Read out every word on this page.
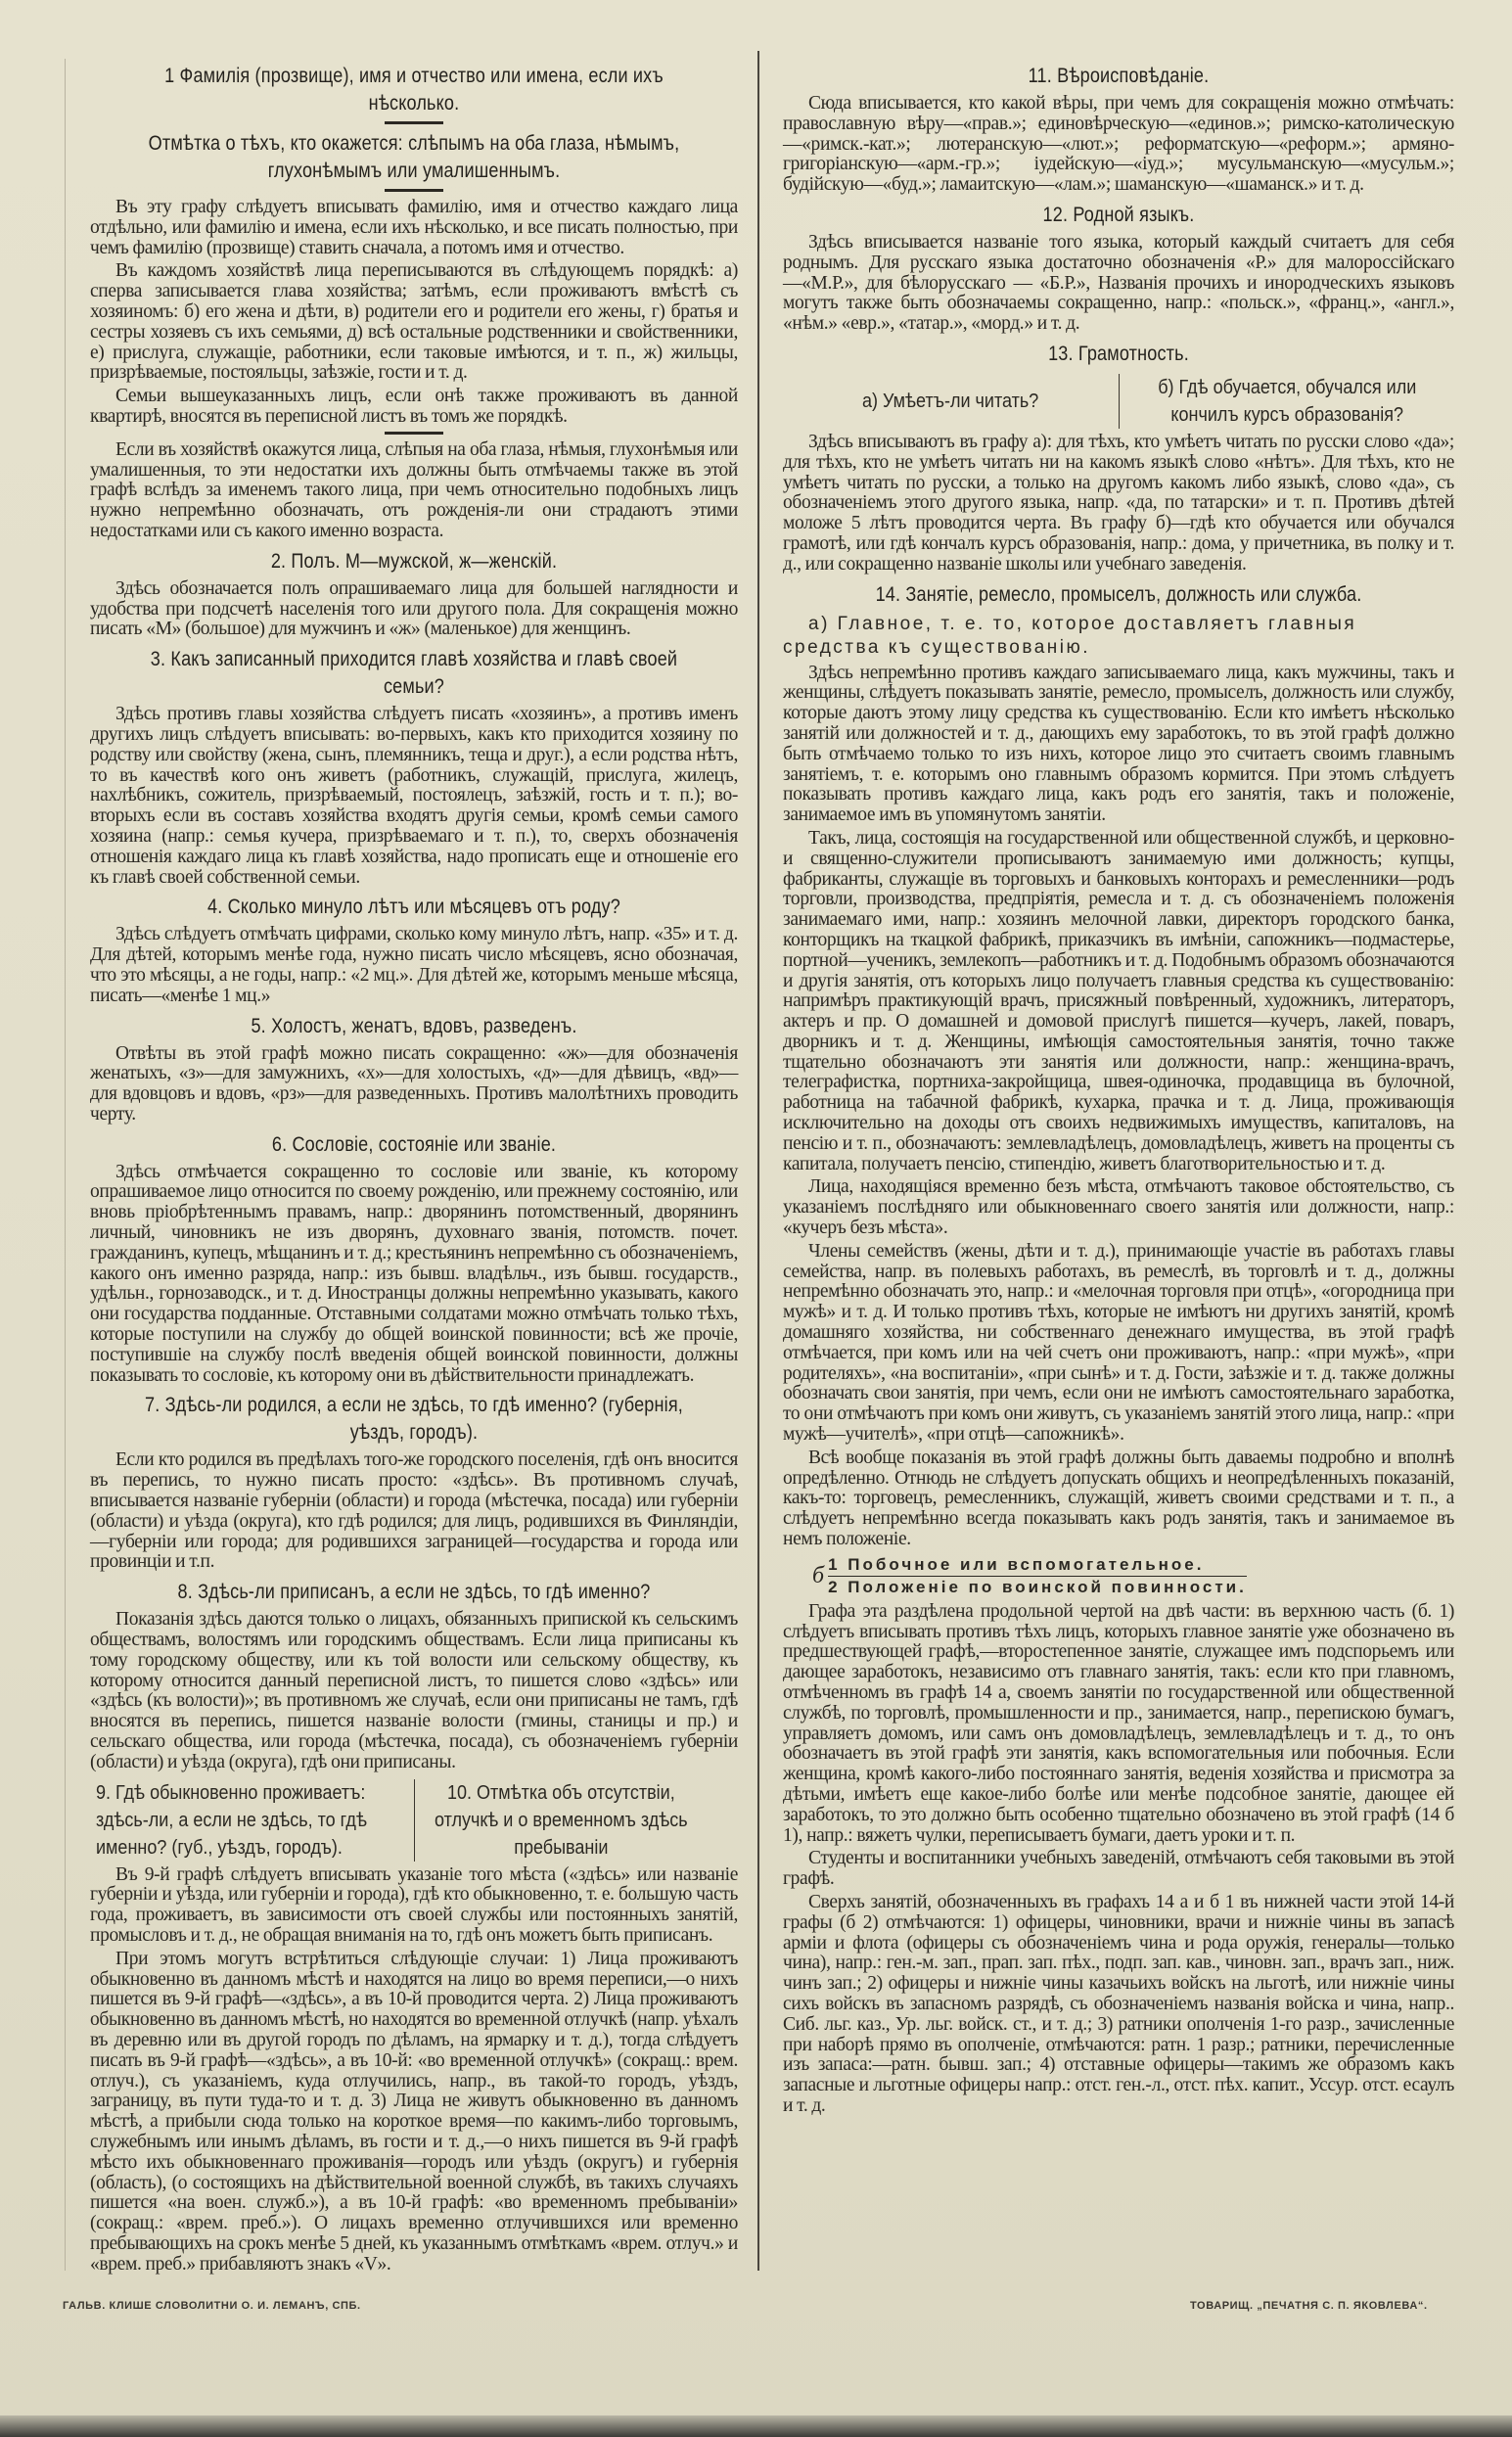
1 Фамилія (прозвище), имя и отчество или имена, если ихъ нѣсколько.
Отмѣтка о тѣхъ, кто окажется: слѣпымъ на оба глаза, нѣмымъ, глухонѣмымъ или умалишеннымъ.

Въ эту графу слѣдуетъ вписывать фамилію, имя и отчество каждаго лица отдѣльно, или фамилію и имена, если ихъ нѣсколько, и все писать полностью, при чемъ фамилію (прозвище) ставить сначала, а потомъ имя и отчество.

Въ каждомъ хозяйствѣ лица переписываются въ слѣдующемъ порядкѣ: а) сперва записывается глава хозяйства; затѣмъ, если проживаютъ вмѣстѣ съ хозяиномъ: б) его жена и дѣти, в) родители его и родители его жены, г) братья и сестры хозяевъ съ ихъ семьями, д) всѣ остальные родственники и свойственники, е) прислуга, служащіе, работники, если таковые имѣются, и т. п., ж) жильцы, призрѣваемые, постояльцы, заѣзжіе, гости и т. д.

Семьи вышеуказанныхъ лицъ, если онѣ также проживаютъ въ данной квартирѣ, вносятся въ переписной листъ въ томъ же порядкѣ.

Если въ хозяйствѣ окажутся лица, слѣпыя на оба глаза, нѣмыя, глухонѣмыя или умалишенныя, то эти недостатки ихъ должны быть отмѣчаемы также въ этой графѣ вслѣдъ за именемъ такого лица, при чемъ относительно подобныхъ лицъ нужно непремѣнно обозначать, отъ рожденія-ли они страдаютъ этими недостатками или съ какого именно возраста.

2. Полъ. М—мужской, ж—женскій.

Здѣсь обозначается полъ опрашиваемаго лица для большей наглядности и удобства при подсчетѣ населенія того или другого пола. Для сокращенія можно писать «М» (большое) для мужчинъ и «ж» (маленькое) для женщинъ.

3. Какъ записанный приходится главѣ хозяйства и главѣ своей семьи?

Здѣсь противъ главы хозяйства слѣдуетъ писать «хозяинъ», а противъ именъ другихъ лицъ слѣдуетъ вписывать: во-первыхъ, какъ кто приходится хозяину по родству или свойству (жена, сынъ, племянникъ, теща и друг.), а если родства нѣтъ, то въ качествѣ кого онъ живетъ (работникъ, служащій, прислуга, жилецъ, нахлѣбникъ, сожитель, призрѣваемый, постоялецъ, заѣзжій, гость и т. п.); во-вторыхъ если въ составъ хозяйства входятъ другія семьи, кромѣ семьи самого хозяина (напр.: семья кучера, призрѣваемаго и т. п.), то, сверхъ обозначенія отношенія каждаго лица къ главѣ хозяйства, надо прописать еще и отношеніе его къ главѣ своей собственной семьи.

4. Сколько минуло лѣтъ или мѣсяцевъ отъ роду?

Здѣсь слѣдуетъ отмѣчать цифрами, сколько кому минуло лѣтъ, напр. «35» и т. д. Для дѣтей, которымъ менѣе года, нужно писать число мѣсяцевъ, ясно обозначая, что это мѣсяцы, а не годы, напр.: «2 мц.». Для дѣтей же, которымъ меньше мѣсяца, писать—«менѣе 1 мц.»

5. Холостъ, женатъ, вдовъ, разведенъ.

Отвѣты въ этой графѣ можно писать сокращенно: «ж»—для обозначенія женатыхъ, «з»—для замужнихъ, «х»—для холостыхъ, «д»—для дѣвицъ, «вд»—для вдовцовъ и вдовъ, «рз»—для разведенныхъ. Противъ малолѣтнихъ проводить черту.

6. Сословіе, состояніе или званіе.

Здѣсь отмѣчается сокращенно то сословіе или званіе, къ которому опрашиваемое лицо относится по своему рожденію, или прежнему состоянію, или вновь пріобрѣтеннымъ правамъ, напр.: дворянинъ потомственный, дворянинъ личный, чиновникъ не изъ дворянъ, духовнаго званія, потомств. почет. гражданинъ, купецъ, мѣщанинъ и т. д.; крестьянинъ непремѣнно съ обозначеніемъ, какого онъ именно разряда, напр.: изъ бывш. владѣльч., изъ бывш. государств., удѣльн., горнозаводск., и т. д. Иностранцы должны непремѣнно указывать, какого они государства подданные. Отставными солдатами можно отмѣчать только тѣхъ, которые поступили на службу до общей воинской повинности; всѣ же прочіе, поступившіе на службу послѣ введенія общей воинской повинности, должны показывать то сословіе, къ которому они въ дѣйствительности принадлежатъ.

7. Здѣсь-ли родился, а если не здѣсь, то гдѣ именно? (губернія, уѣздъ, городъ).

Если кто родился въ предѣлахъ того-же городского поселенія, гдѣ онъ вносится въ перепись, то нужно писать просто: «здѣсь». Въ противномъ случаѣ, вписывается названіе губерніи (области) и города (мѣстечка, посада) или губерніи (области) и уѣзда (округа), кто гдѣ родился; для лицъ, родившихся въ Финляндіи,—губерніи или города; для родившихся заграницей—государства и города или провинціи и т.п.

8. Здѣсь-ли приписанъ, а если не здѣсь, то гдѣ именно?

Показанія здѣсь даются только о лицахъ, обязанныхъ припиской къ сельскимъ обществамъ, волостямъ или городскимъ обществамъ. Если лица приписаны къ тому городскому обществу, или къ той волости или сельскому обществу, къ которому относится данный переписной листъ, то пишется слово «здѣсь» или «здѣсь (къ волости)»; въ противномъ же случаѣ, если они приписаны не тамъ, гдѣ вносятся въ перепись, пишется названіе волости (гмины, станицы и пр.) и сельскаго общества, или города (мѣстечка, посада), съ обозначеніемъ губерніи (области) и уѣзда (округа), гдѣ они приписаны.

9. Гдѣ обыкновенно проживаетъ: здѣсь-ли, а если не здѣсь, то гдѣ именно? (губ., уѣздъ, городъ).
10. Отмѣтка объ отсутствіи, отлучкѣ и о временномъ здѣсь пребываніи

Въ 9-й графѣ слѣдуетъ вписывать указаніе того мѣста («здѣсь» или названіе губерніи и уѣзда, или губерніи и города), гдѣ кто обыкновенно, т. е. большую часть года, проживаетъ, въ зависимости отъ своей службы или постоянныхъ занятій, промысловъ и т. д., не обращая вниманія на то, гдѣ онъ можетъ быть приписанъ.

При этомъ могутъ встрѣтиться слѣдующіе случаи: 1) Лица проживаютъ обыкновенно въ данномъ мѣстѣ и находятся на лицо во время переписи,—о нихъ пишется въ 9-й графѣ—«здѣсь», а въ 10-й проводится черта. 2) Лица проживаютъ обыкновенно въ данномъ мѣстѣ, но находятся во временной отлучкѣ (напр. уѣхалъ въ деревню или въ другой городъ по дѣламъ, на ярмарку и т. д.), тогда слѣдуетъ писать въ 9-й графѣ—«здѣсь», а въ 10-й: «во временной отлучкѣ» (сокращ.: врем. отлуч.), съ указаніемъ, куда отлучились, напр., въ такой-то городъ, уѣздъ, заграницу, въ пути туда-то и т. д. 3) Лица не живутъ обыкновенно въ данномъ мѣстѣ, а прибыли сюда только на короткое время—по какимъ-либо торговымъ, служебнымъ или инымъ дѣламъ, въ гости и т. д.,—о нихъ пишется въ 9-й графѣ мѣсто ихъ обыкновеннаго проживанія—городъ или уѣздъ (округъ) и губернія (область), (о состоящихъ на дѣйствительной военной службѣ, въ такихъ случаяхъ пишется «на воен. служб.»), а въ 10-й графѣ: «во временномъ пребываніи» (сокращ.: «врем. преб.»). О лицахъ временно отлучившихся или временно пребывающихъ на срокъ менѣе 5 дней, къ указаннымъ отмѣткамъ «врем. отлуч.» и «врем. преб.» прибавляютъ знакъ «V».

11. Вѣроисповѣданіе.

Сюда вписывается, кто какой вѣры, при чемъ для сокращенія можно отмѣчать: православную вѣру—«прав.»; единовѣрческую—«единов.»; римско-католическую—«римск.-кат.»; лютеранскую—«лют.»; реформатскую—«реформ.»; армяно-григоріанскую—«арм.-гр.»; іудейскую—«іуд.»; мусульманскую—«мусульм.»; будійскую—«буд.»; ламаитскую—«лам.»; шаманскую—«шаманск.» и т. д.

12. Родной языкъ.

Здѣсь вписывается названіе того языка, который каждый считаетъ для себя роднымъ. Для русскаго языка достаточно обозначенія «Р.» для малороссійскаго—«М.Р.», для бѣлорусскаго — «Б.Р.», Названія прочихъ и инородческихъ языковъ могутъ также быть обозначаемы сокращенно, напр.: «польск.», «франц.», «англ.», «нѣм.» «евр.», «татар.», «морд.» и т. д.

13. Грамотность.
а) Умѣетъ-ли читать?
б) Гдѣ обучается, обучался или кончилъ курсъ образованія?

Здѣсь вписываютъ въ графу а): для тѣхъ, кто умѣетъ читать по русски слово «да»; для тѣхъ, кто не умѣетъ читать ни на какомъ языкѣ слово «нѣтъ». Для тѣхъ, кто не умѣетъ читать по русски, а только на другомъ какомъ либо языкѣ, слово «да», съ обозначеніемъ этого другого языка, напр. «да, по татарски» и т. п. Противъ дѣтей моложе 5 лѣтъ проводится черта. Въ графу б)—гдѣ кто обучается или обучался грамотѣ, или гдѣ кончалъ курсъ образованія, напр.: дома, у причетника, въ полку и т. д., или сокращенно названіе школы или учебнаго заведенія.

14. Занятіе, ремесло, промыселъ, должность или служба.
а) Главное, т. е. то, которое доставляетъ главныя средства къ существованію.

Здѣсь непремѣнно противъ каждаго записываемаго лица, какъ мужчины, такъ и женщины, слѣдуетъ показывать занятіе, ремесло, промыселъ, должность или службу, которые даютъ этому лицу средства къ существованію. Если кто имѣетъ нѣсколько занятій или должностей и т. д., дающихъ ему заработокъ, то въ этой графѣ должно быть отмѣчаемо только то изъ нихъ, которое лицо это считаетъ своимъ главнымъ занятіемъ, т. е. которымъ оно главнымъ образомъ кормится. При этомъ слѣдуетъ показывать противъ каждаго лица, какъ родъ его занятія, такъ и положеніе, занимаемое имъ въ упомянутомъ занятіи.

Такъ, лица, состоящія на государственной или общественной службѣ, и церковно-и священно-служители прописываютъ занимаемую ими должность; купцы, фабриканты, служащіе въ торговыхъ и банковыхъ конторахъ и ремесленники—родъ торговли, производства, предпріятія, ремесла и т. д. съ обозначеніемъ положенія занимаемаго ими, напр.: хозяинъ мелочной лавки, директоръ городского банка, конторщикъ на ткацкой фабрикѣ, приказчикъ въ имѣніи, сапожникъ—подмастерье, портной—ученикъ, землекопъ—работникъ и т. д. Подобнымъ образомъ обозначаются и другія занятія, отъ которыхъ лицо получаетъ главныя средства къ существованію: напримѣръ практикующій врачъ, присяжный повѣренный, художникъ, литераторъ, актеръ и пр. О домашней и домовой прислугѣ пишется—кучеръ, лакей, поваръ, дворникъ и т. д. Женщины, имѣющія самостоятельныя занятія, точно также тщательно обозначаютъ эти занятія или должности, напр.: женщина-врачъ, телеграфистка, портниха-закройщица, швея-одиночка, продавщица въ булочной, работница на табачной фабрикѣ, кухарка, прачка и т. д. Лица, проживающія исключительно на доходы отъ своихъ недвижимыхъ имуществъ, капиталовъ, на пенсію и т. п., обозначаютъ: землевладѣлецъ, домовладѣлецъ, живетъ на проценты съ капитала, получаетъ пенсію, стипендію, живетъ благотворительностью и т. д.

Лица, находящіяся временно безъ мѣста, отмѣчаютъ таковое обстоятельство, съ указаніемъ послѣдняго или обыкновеннаго своего занятія или должности, напр.: «кучеръ безъ мѣста».

Члены семействъ (жены, дѣти и т. д.), принимающіе участіе въ работахъ главы семейства, напр. въ полевыхъ работахъ, въ ремеслѣ, въ торговлѣ и т. д., должны непремѣнно обозначать это, напр.: и «мелочная торговля при отцѣ», «огородница при мужѣ» и т. д. И только противъ тѣхъ, которые не имѣютъ ни другихъ занятій, кромѣ домашняго хозяйства, ни собственнаго денежнаго имущества, въ этой графѣ отмѣчается, при комъ или на чей счетъ они проживаютъ, напр.: «при мужѣ», «при родителяхъ», «на воспитаніи», «при сынѣ» и т. д. Гости, заѣзжіе и т. д. также должны обозначать свои занятія, при чемъ, если они не имѣютъ самостоятельнаго заработка, то они отмѣчаютъ при комъ они живутъ, съ указаніемъ занятій этого лица, напр.: «при мужѣ—учителѣ», «при отцѣ—сапожникѣ».

Всѣ вообще показанія въ этой графѣ должны быть даваемы подробно и вполнѣ опредѣленно. Отнюдь не слѣдуетъ допускать общихъ и неопредѣленныхъ показаній, какъ-то: торговецъ, ремесленникъ, служащій, живетъ своими средствами и т. п., а слѣдуетъ непремѣнно всегда показывать какъ родъ занятія, такъ и занимаемое въ немъ положеніе.

б 1 Побочное или вспомогательное.
2 Положеніе по воинской повинности.

Графа эта раздѣлена продольной чертой на двѣ части: въ верхнюю часть (б. 1) слѣдуетъ вписывать противъ тѣхъ лицъ, которыхъ главное занятіе уже обозначено въ предшествующей графѣ,—второстепенное занятіе, служащее имъ подспорьемъ или дающее заработокъ, независимо отъ главнаго занятія, такъ: если кто при главномъ, отмѣченномъ въ графѣ 14 а, своемъ занятіи по государственной или общественной службѣ, по торговлѣ, промышленности и пр., занимается, напр., перепискою бумагъ, управляетъ домомъ, или самъ онъ домовладѣлецъ, землевладѣлецъ и т. д., то онъ обозначаетъ въ этой графѣ эти занятія, какъ вспомогательныя или побочныя. Если женщина, кромѣ какого-либо постояннаго занятія, веденія хозяйства и присмотра за дѣтьми, имѣетъ еще какое-либо болѣе или менѣе подсобное занятіе, дающее ей заработокъ, то это должно быть особенно тщательно обозначено въ этой графѣ (14 б 1), напр.: вяжетъ чулки, переписываетъ бумаги, даетъ уроки и т. п.

Студенты и воспитанники учебныхъ заведеній, отмѣчаютъ себя таковыми въ этой графѣ.

Сверхъ занятій, обозначенныхъ въ графахъ 14 а и б 1 въ нижней части этой 14-й графы (б 2) отмѣчаются: 1) офицеры, чиновники, врачи и нижніе чины въ запасѣ арміи и флота (офицеры съ обозначеніемъ чина и рода оружія, генералы—только чина), напр.: ген.-м. зап., прап. зап. пѣх., подп. зап. кав., чиновн. зап., врачъ зап., ниж. чинъ зап.; 2) офицеры и нижніе чины казачьихъ войскъ на льготѣ, или нижніе чины сихъ войскъ въ запасномъ разрядѣ, съ обозначеніемъ названія войска и чина, напр.. Сиб. льг. каз., Ур. льг. войск. ст., и т. д.; 3) ратники ополченія 1-го разр., зачисленные при наборѣ прямо въ ополченіе, отмѣчаются: ратн. 1 разр.; ратники, перечисленные изъ запаса:—ратн. бывш. зап.; 4) отставные офицеры—такимъ же образомъ какъ запасные и льготные офицеры напр.: отст. ген.-л., отст. пѣх. капит., Уссур. отст. есаулъ и т. д.

ГАЛЬВ. КЛИШЕ СЛОВОЛИТНИ О. И. ЛЕМАНЪ, СПБ.	ТОВАРИЩ. „ПЕЧАТНЯ С. П. ЯКОВЛЕВА“.
